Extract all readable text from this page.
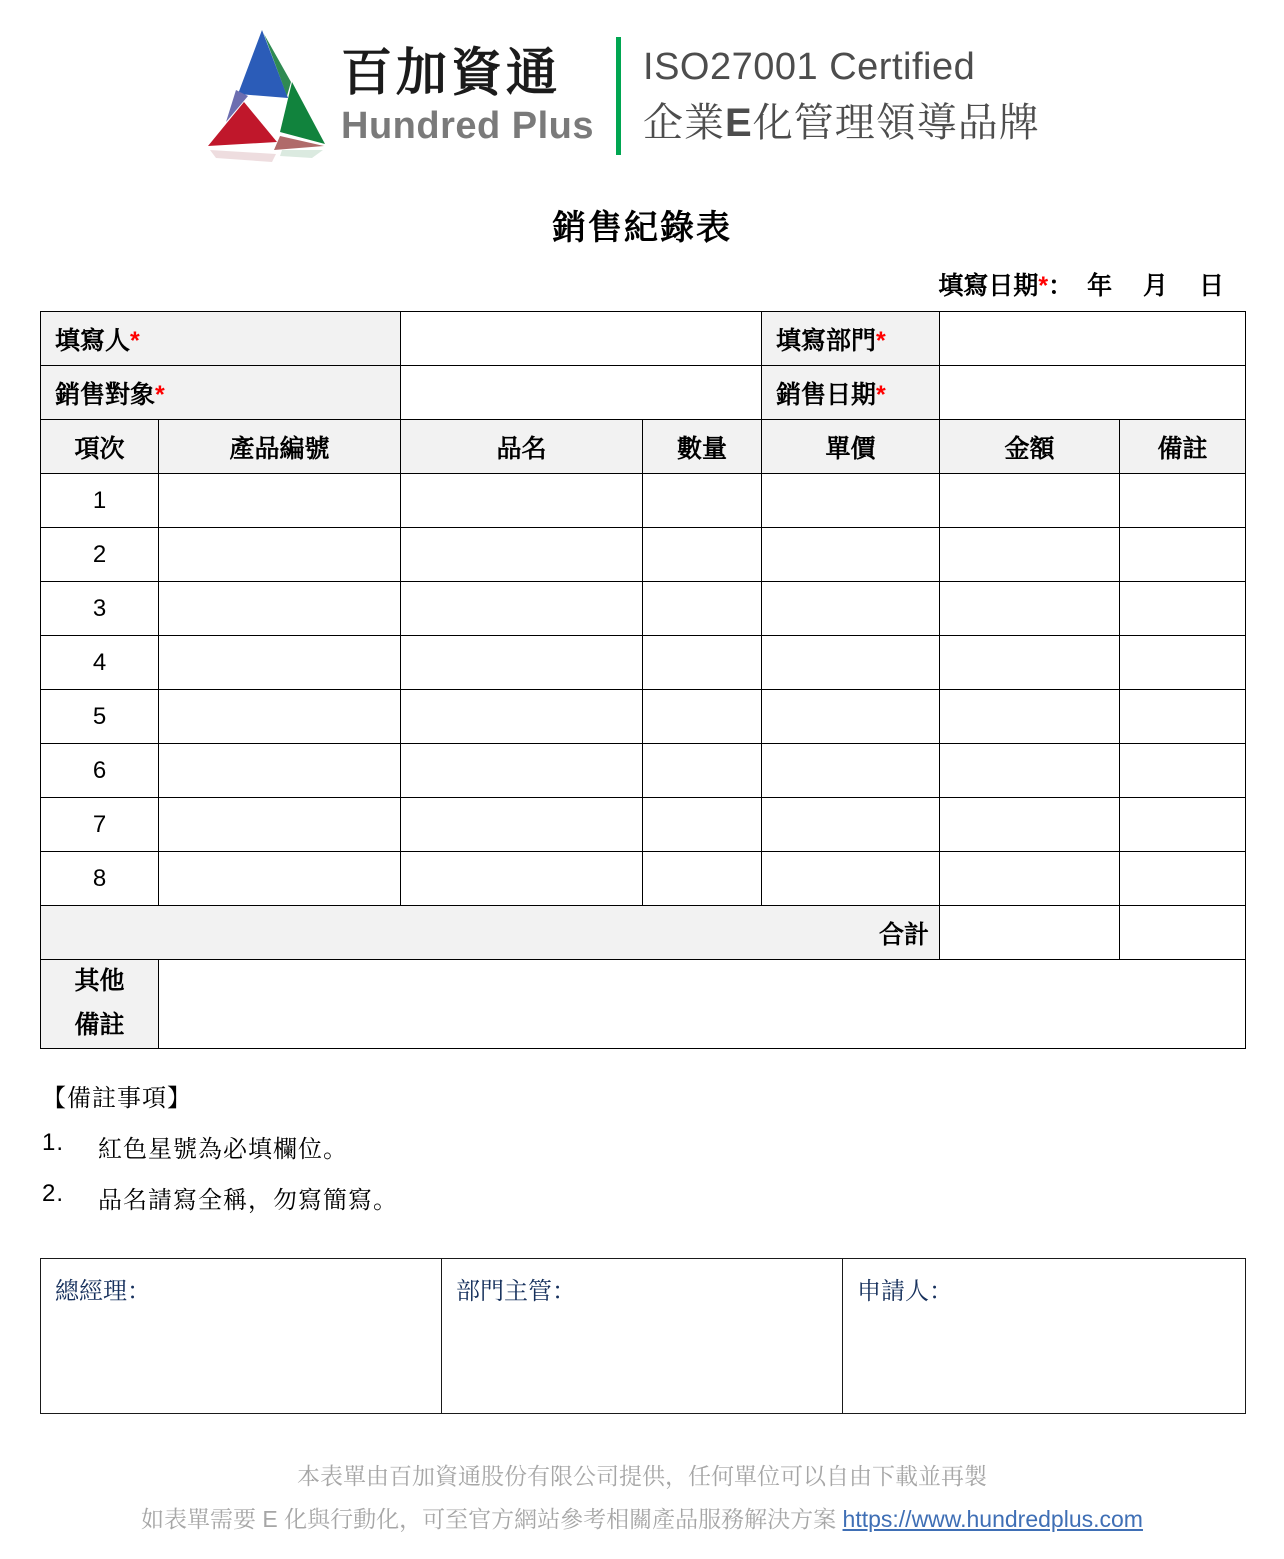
百加資通
Hundred Plus
ISO27001 Certified
企業E化管理領導品牌
銷售紀錄表
填寫日期*： 年 月 日
填寫人*				填寫部門*		
銷售對象*				銷售日期*		
項次	產品編號	品名	數量	單價	金額	備註
1						
2						
3						
4						
5						
6						
7						
8						
合計						

其他
備註						

【備註事項】
1.	紅色星號為必填欄位。
2.	品名請寫全稱，勿寫簡寫。
總經理：	部門主管：	申請人：
本表單由百加資通股份有限公司提供，任何單位可以自由下載並再製
如表單需要 E 化與行動化，可至官方網站參考相關產品服務解決方案 https://www.hundredplus.com
